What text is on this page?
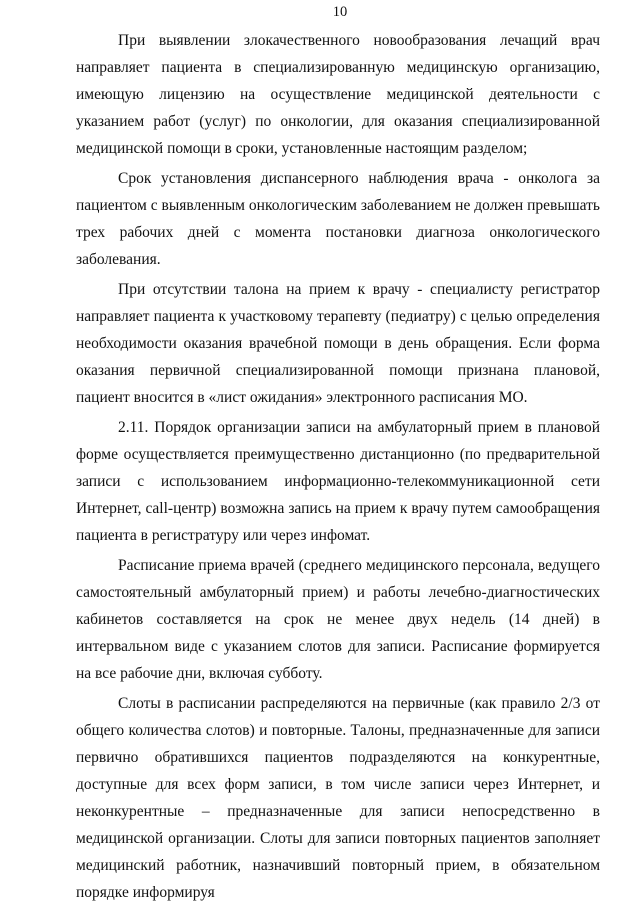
10

При выявлении злокачественного новообразования лечащий врач направляет пациента в специализированную медицинскую организацию, имеющую лицензию на осуществление медицинской деятельности с указанием работ (услуг) по онкологии, для оказания специализированной медицинской помощи в сроки, установленные настоящим разделом;

Срок установления диспансерного наблюдения врача - онколога за пациентом с выявленным онкологическим заболеванием не должен превышать трех рабочих дней с момента постановки диагноза онкологического заболевания.

При отсутствии талона на прием к врачу - специалисту регистратор направляет пациента к участковому терапевту (педиатру) с целью определения необходимости оказания врачебной помощи в день обращения. Если форма оказания первичной специализированной помощи признана плановой, пациент вносится в «лист ожидания» электронного расписания МО.

2.11. Порядок организации записи на амбулаторный прием в плановой форме осуществляется преимущественно дистанционно (по предварительной записи с использованием информационно-телекоммуникационной сети Интернет, call-центр) возможна запись на прием к врачу путем самообращения пациента в регистратуру или через инфомат.

Расписание приема врачей (среднего медицинского персонала, ведущего самостоятельный амбулаторный прием) и работы лечебно-диагностических кабинетов составляется на срок не менее двух недель (14 дней) в интервальном виде с указанием слотов для записи. Расписание формируется на все рабочие дни, включая субботу.

Слоты в расписании распределяются на первичные (как правило 2/3 от общего количества слотов) и повторные. Талоны, предназначенные для записи первично обратившихся пациентов подразделяются на конкурентные, доступные для всех форм записи, в том числе записи через Интернет, и неконкурентные – предназначенные для записи непосредственно в медицинской организации. Слоты для записи повторных пациентов заполняет медицинский работник, назначивший повторный прием, в обязательном порядке информируя
